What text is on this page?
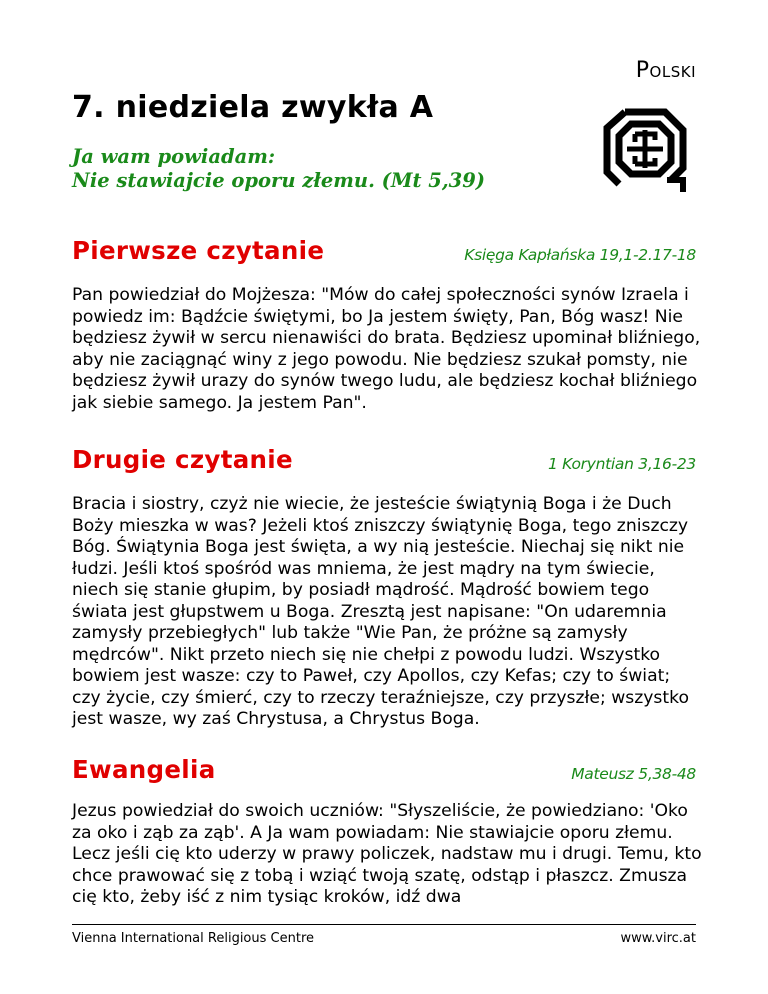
Polski
7. niedziela zwykła A
Ja wam powiadam:
Nie stawiajcie oporu złemu. (Mt 5,39)
Pierwsze czytanie	Księga Kapłańska 19,1-2.17-18

Pan powiedział do Mojżesza: "Mów do całej społeczności synów Izraela i powiedz im: Bądźcie świętymi, bo Ja jestem święty, Pan, Bóg wasz! Nie będziesz żywił w sercu nienawiści do brata. Będziesz upominał bliźniego, aby nie zaciągnąć winy z jego powodu. Nie będziesz szukał pomsty, nie będziesz żywił urazy do synów twego ludu, ale będziesz kochał bliźniego jak siebie samego. Ja jestem Pan".

Drugie czytanie	1 Koryntian 3,16-23

Bracia i siostry, czyż nie wiecie, że jesteście świątynią Boga i że Duch Boży mieszka w was? Jeżeli ktoś zniszczy świątynię Boga, tego zniszczy Bóg. Świątynia Boga jest święta, a wy nią jesteście. Niechaj się nikt nie łudzi. Jeśli ktoś spośród was mniema, że jest mądry na tym świecie, niech się stanie głupim, by posiadł mądrość. Mądrość bowiem tego świata jest głupstwem u Boga. Zresztą jest napisane: "On udaremnia zamysły przebiegłych" lub także "Wie Pan, że próżne są zamysły mędrców". Nikt przeto niech się nie chełpi z powodu ludzi. Wszystko bowiem jest wasze: czy to Paweł, czy Apollos, czy Kefas; czy to świat; czy życie, czy śmierć, czy to rzeczy teraźniejsze, czy przyszłe; wszystko jest wasze, wy zaś Chrystusa, a Chrystus Boga.

Ewangelia	Mateusz 5,38-48

Jezus powiedział do swoich uczniów: "Słyszeliście, że powiedziano: 'Oko za oko i ząb za ząb'. A Ja wam powiadam: Nie stawiajcie oporu złemu. Lecz jeśli cię kto uderzy w prawy policzek, nadstaw mu i drugi. Temu, kto chce prawować się z tobą i wziąć twoją szatę, odstąp i płaszcz. Zmusza cię kto, żeby iść z nim tysiąc kroków, idź dwa

Vienna International Religious Centre	www.virc.at
